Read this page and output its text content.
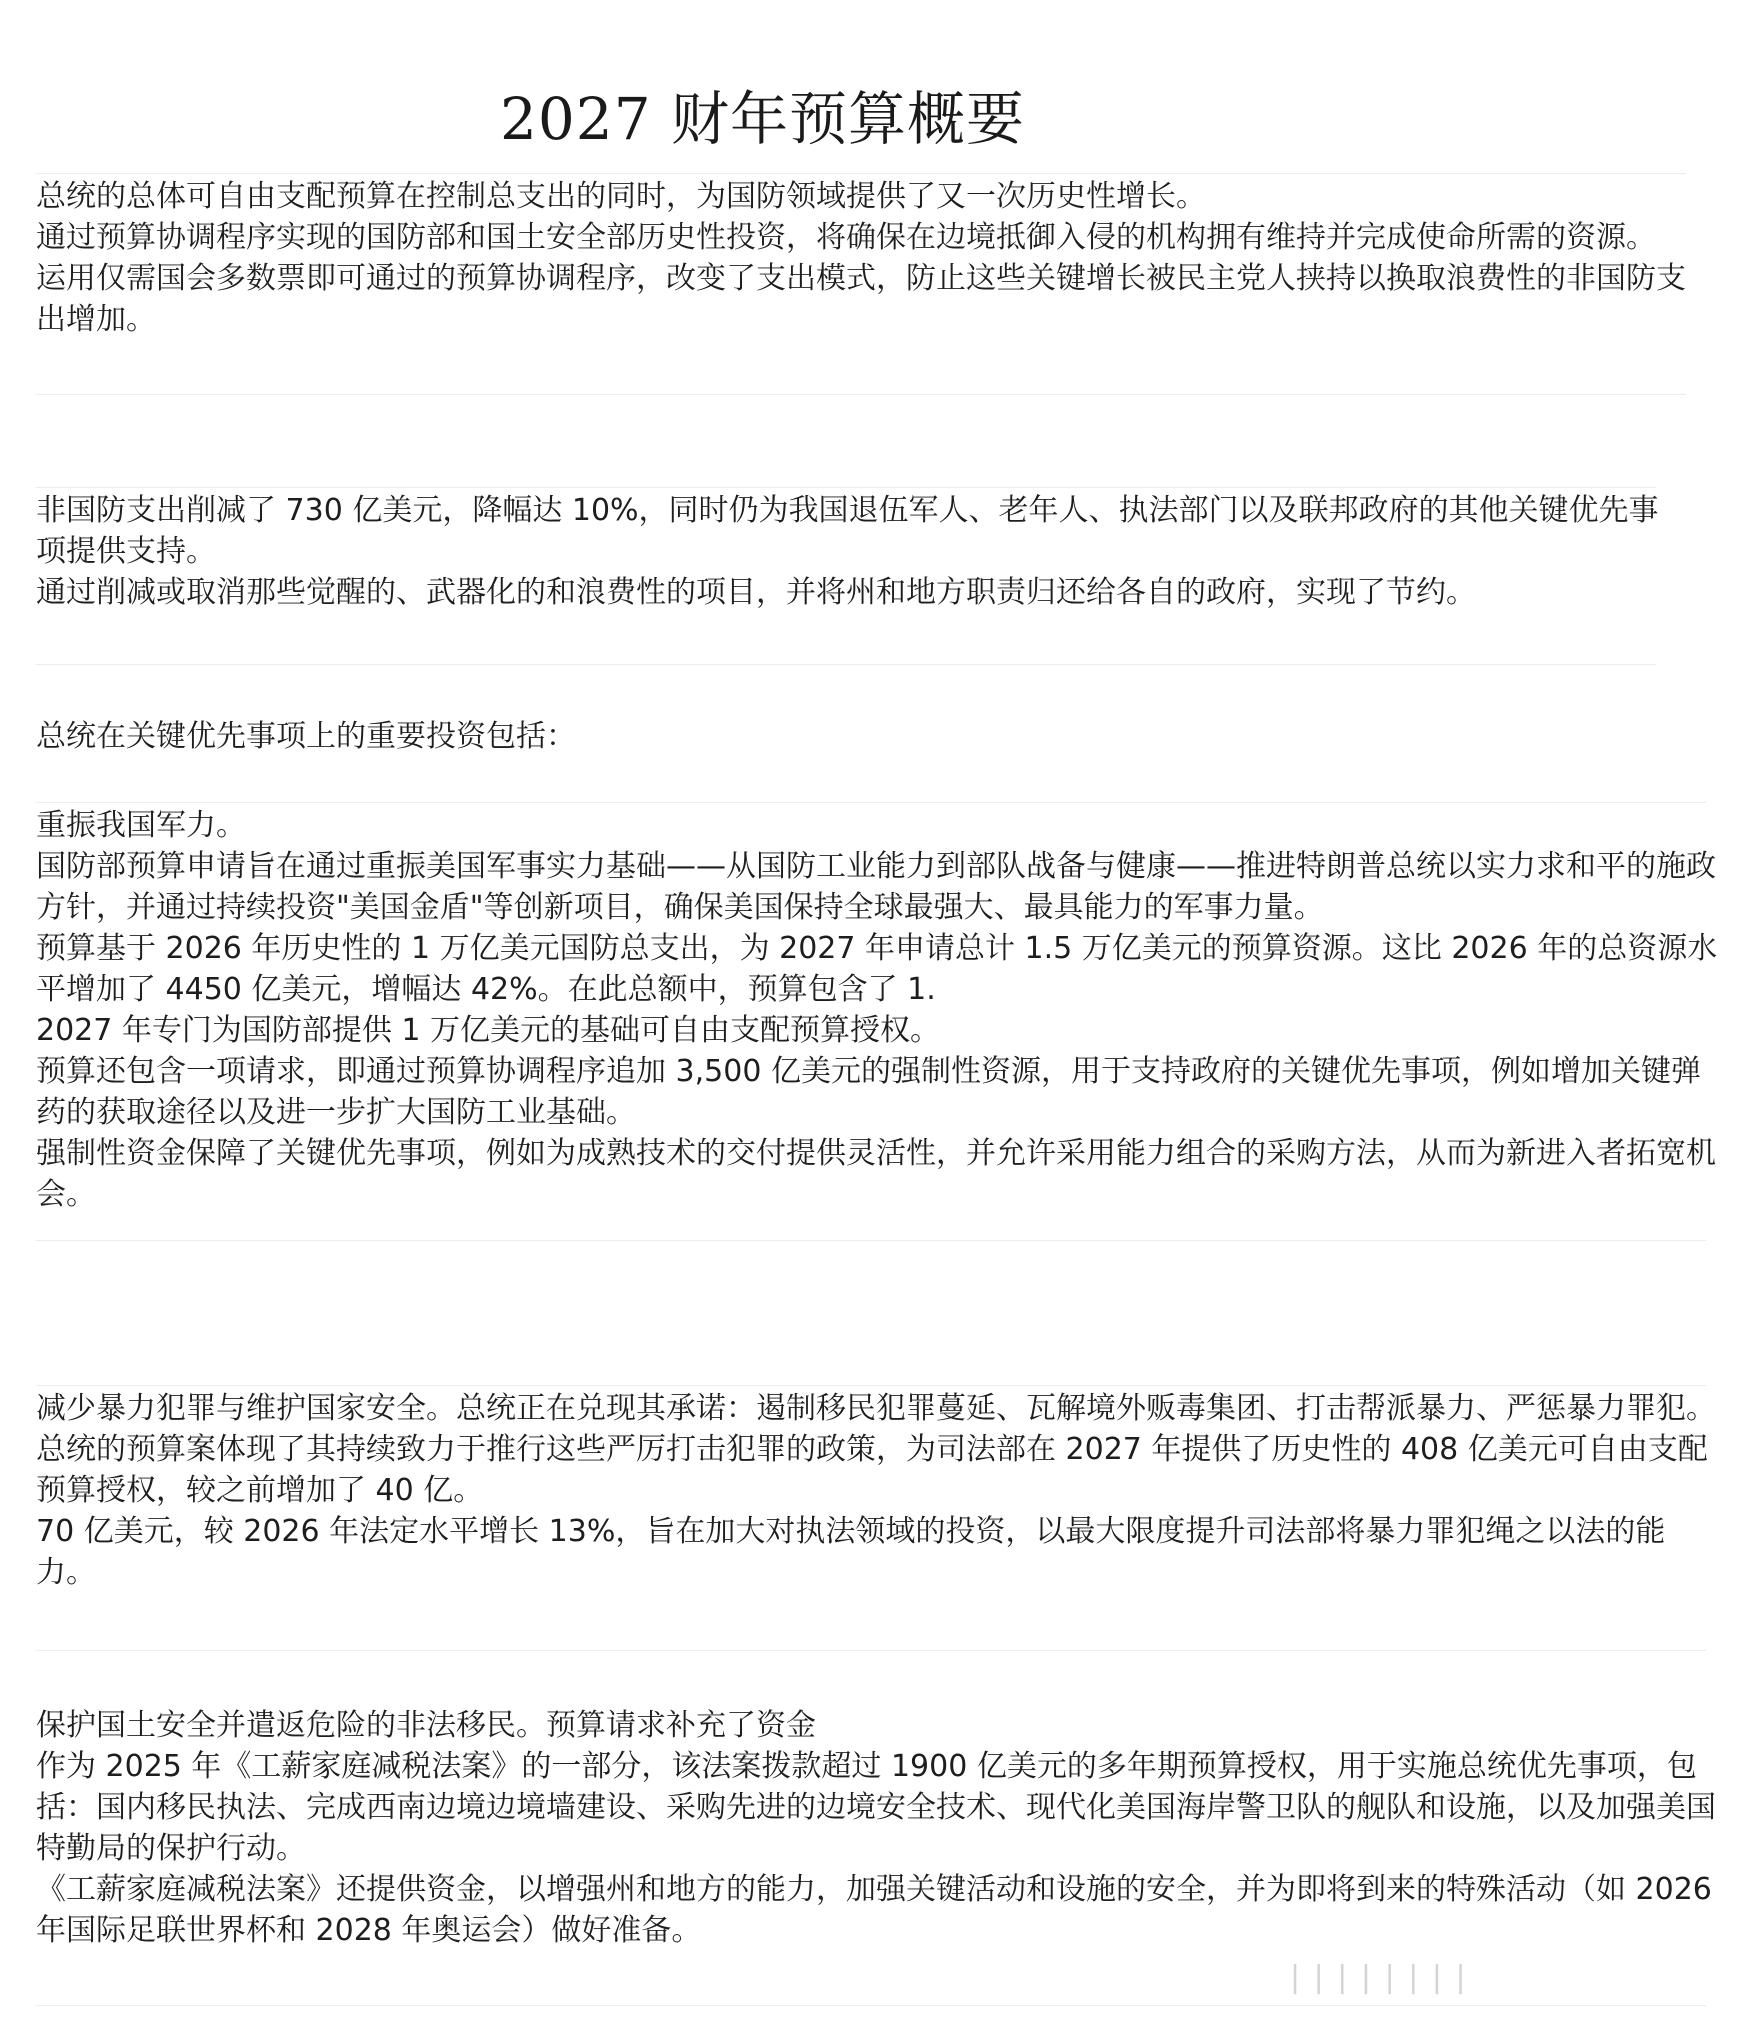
2027 财年预算概要

总统的总体可自由支配预算在控制总支出的同时，为国防领域提供了又一次历史性增长。

通过预算协调程序实现的国防部和国土安全部历史性投资，将确保在边境抵御入侵的机构拥有维持并完成使命所需的资源。

运用仅需国会多数票即可通过的预算协调程序，改变了支出模式，防止这些关键增长被民主党人挟持以换取浪费性的非国防支出增加。

非国防支出削减了 730 亿美元，降幅达 10%，同时仍为我国退伍军人、老年人、执法部门以及联邦政府的其他关键优先事项提供支持。

通过削减或取消那些觉醒的、武器化的和浪费性的项目，并将州和地方职责归还给各自的政府，实现了节约。

总统在关键优先事项上的重要投资包括：

重振我国军力。

国防部预算申请旨在通过重振美国军事实力基础——从国防工业能力到部队战备与健康——推进特朗普总统以实力求和平的施政方针，并通过持续投资"美国金盾"等创新项目，确保美国保持全球最强大、最具能力的军事力量。

预算基于 2026 年历史性的 1 万亿美元国防总支出，为 2027 年申请总计 1.5 万亿美元的预算资源。这比 2026 年的总资源水平增加了 4450 亿美元，增幅达 42%。在此总额中，预算包含了 1.

2027 年专门为国防部提供 1 万亿美元的基础可自由支配预算授权。

预算还包含一项请求，即通过预算协调程序追加 3,500 亿美元的强制性资源，用于支持政府的关键优先事项，例如增加关键弹药的获取途径以及进一步扩大国防工业基础。

强制性资金保障了关键优先事项，例如为成熟技术的交付提供灵活性，并允许采用能力组合的采购方法，从而为新进入者拓宽机会。

减少暴力犯罪与维护国家安全。总统正在兑现其承诺：遏制移民犯罪蔓延、瓦解境外贩毒集团、打击帮派暴力、严惩暴力罪犯。

总统的预算案体现了其持续致力于推行这些严厉打击犯罪的政策，为司法部在 2027 年提供了历史性的 408 亿美元可自由支配预算授权，较之前增加了 40 亿。

70 亿美元，较 2026 年法定水平增长 13%，旨在加大对执法领域的投资，以最大限度提升司法部将暴力罪犯绳之以法的能力。

保护国土安全并遣返危险的非法移民。预算请求补充了资金

作为 2025 年《工薪家庭减税法案》的一部分，该法案拨款超过 1900 亿美元的多年期预算授权，用于实施总统优先事项，包括：国内移民执法、完成西南边境边境墙建设、采购先进的边境安全技术、现代化美国海岸警卫队的舰队和设施，以及加强美国特勤局的保护行动。

《工薪家庭减税法案》还提供资金，以增强州和地方的能力，加强关键活动和设施的安全，并为即将到来的特殊活动（如 2026 年国际足联世界杯和 2028 年奥运会）做好准备。

| | | | | | | |
